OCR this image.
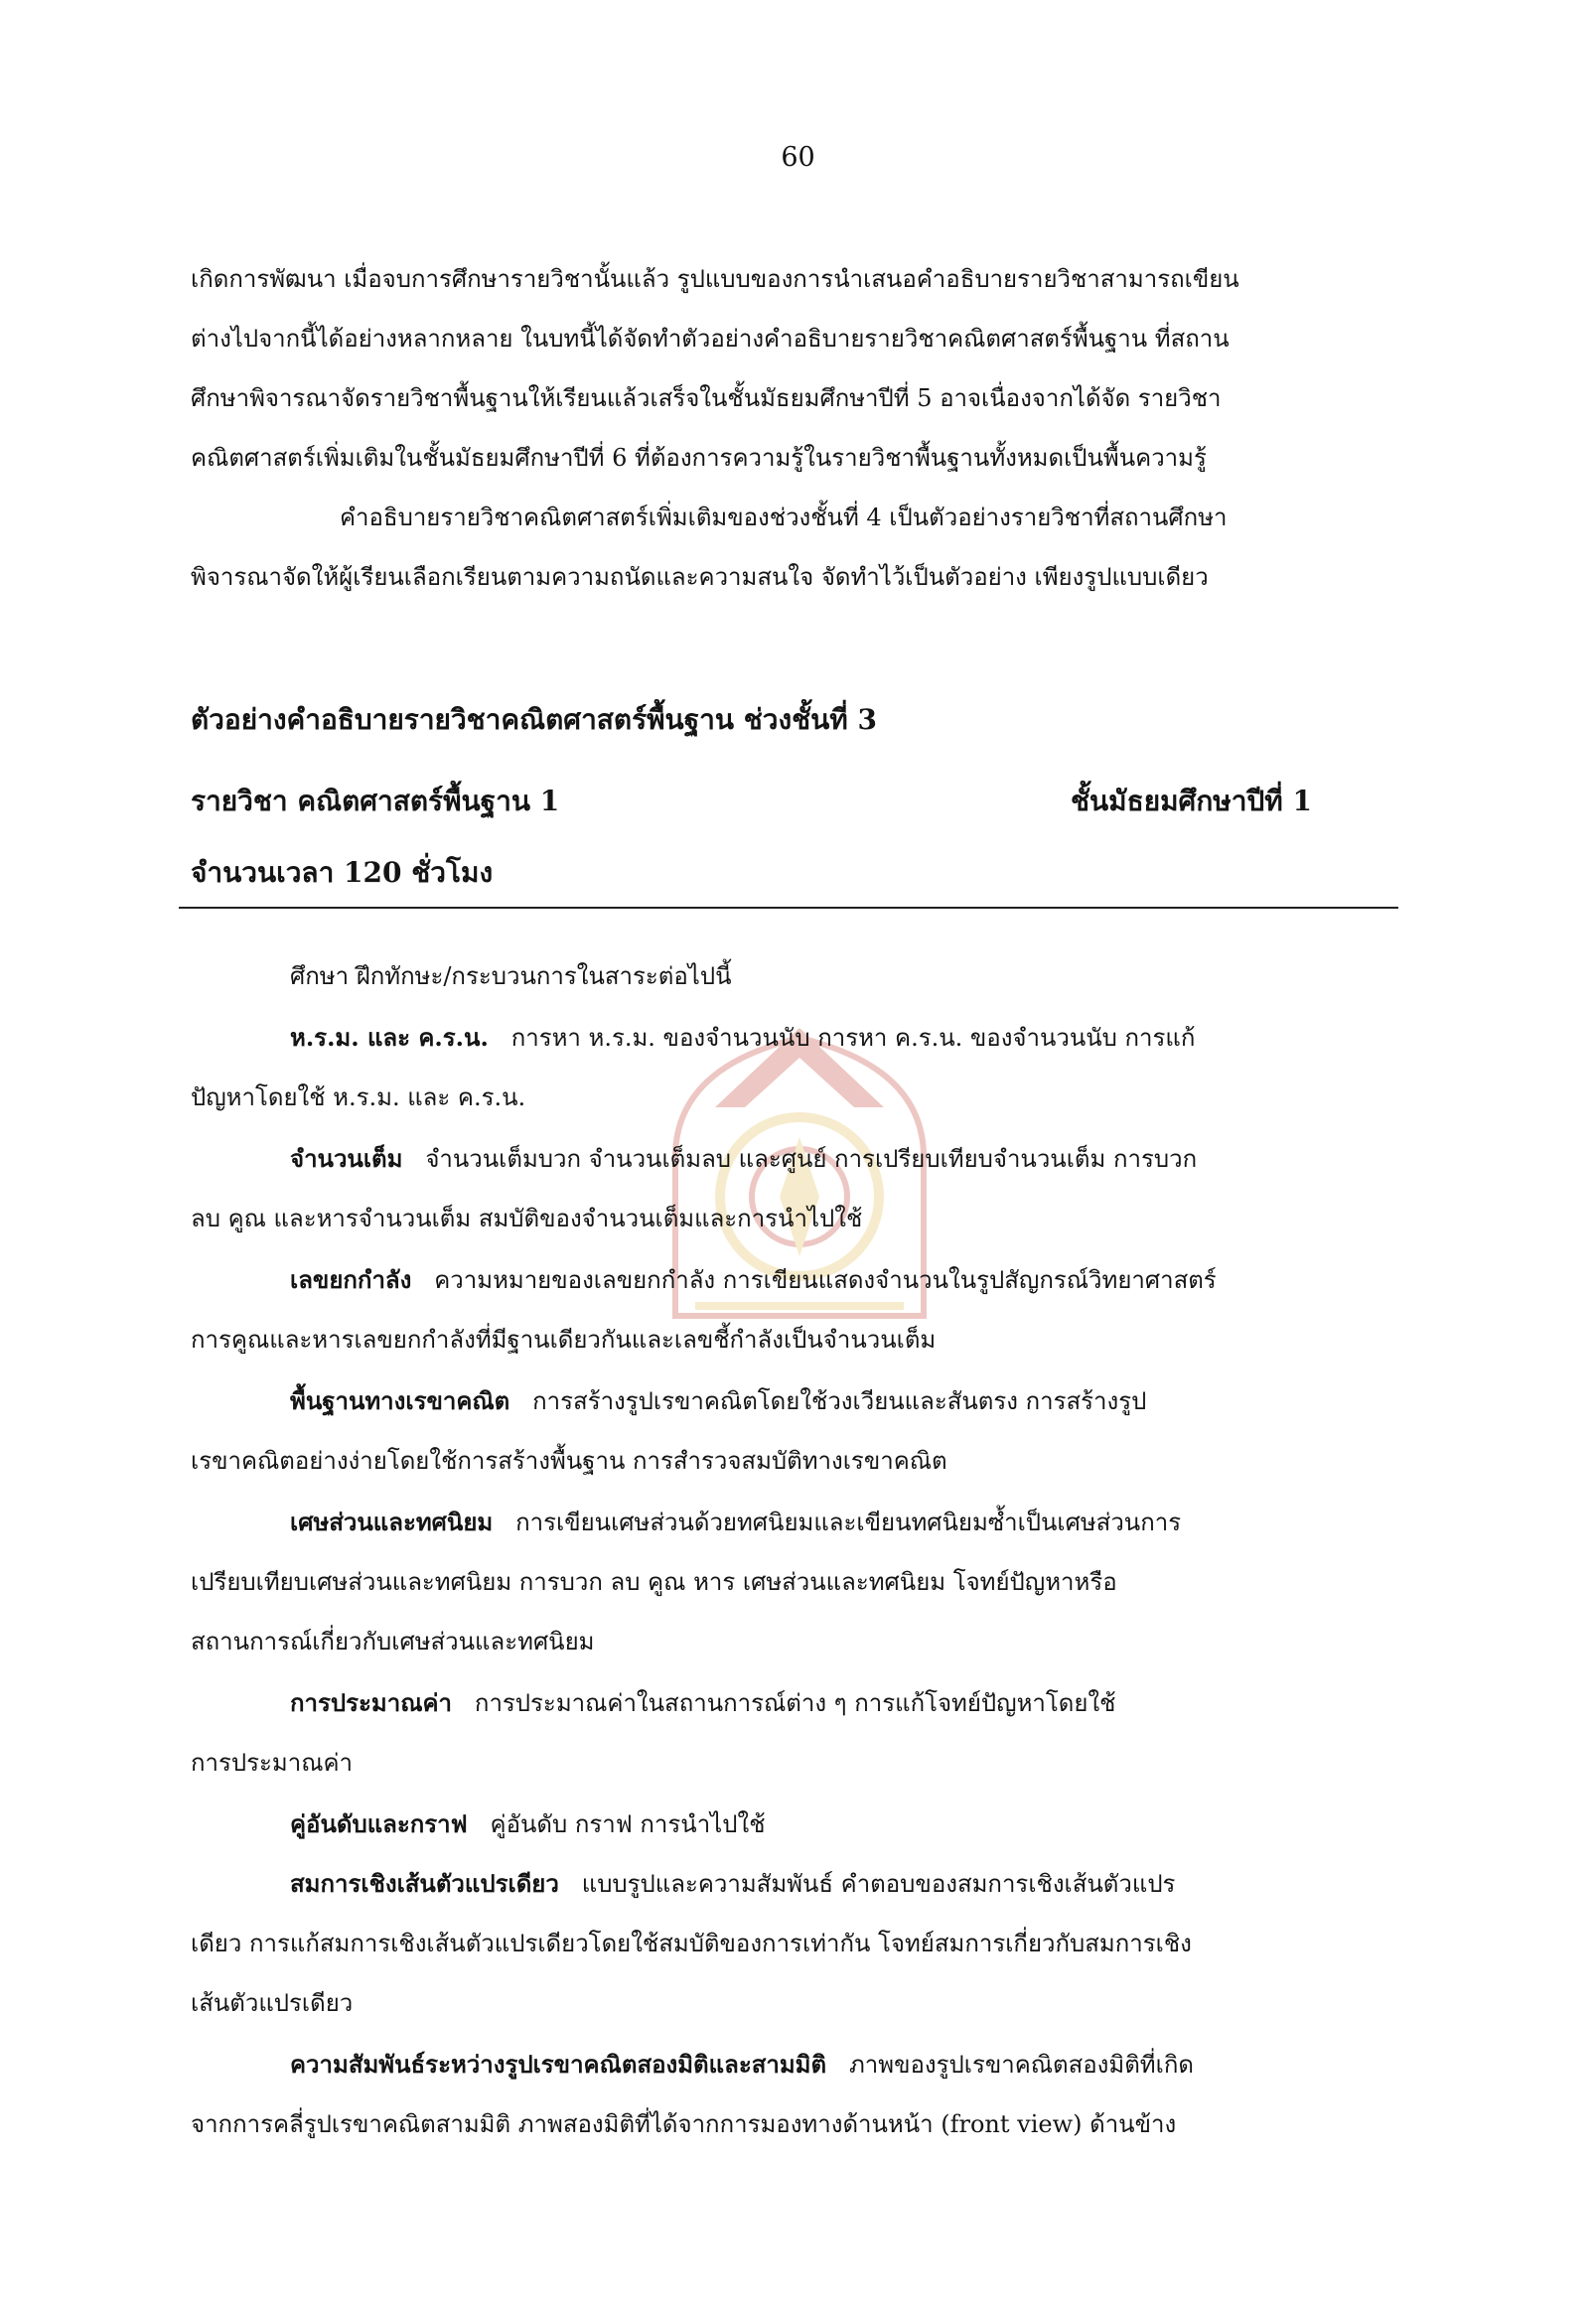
60
เกิดการพัฒนา เมื่อจบการศึกษารายวิชานั้นแล้ว รูปแบบของการนำเสนอคำอธิบายรายวิชาสามารถเขียน
ต่างไปจากนี้ได้อย่างหลากหลาย ในบทนี้ได้จัดทำตัวอย่างคำอธิบายรายวิชาคณิตศาสตร์พื้นฐาน ที่สถาน
ศึกษาพิจารณาจัดรายวิชาพื้นฐานให้เรียนแล้วเสร็จในชั้นมัธยมศึกษาปีที่ 5 อาจเนื่องจากได้จัด รายวิชา
คณิตศาสตร์เพิ่มเติมในชั้นมัธยมศึกษาปีที่ 6 ที่ต้องการความรู้ในรายวิชาพื้นฐานทั้งหมดเป็นพื้นความรู้
คำอธิบายรายวิชาคณิตศาสตร์เพิ่มเติมของช่วงชั้นที่ 4 เป็นตัวอย่างรายวิชาที่สถานศึกษา
พิจารณาจัดให้ผู้เรียนเลือกเรียนตามความถนัดและความสนใจ จัดทำไว้เป็นตัวอย่าง เพียงรูปแบบเดียว
ตัวอย่างคำอธิบายรายวิชาคณิตศาสตร์พื้นฐาน ช่วงชั้นที่ 3
รายวิชา คณิตศาสตร์พื้นฐาน 1	ชั้นมัธยมศึกษาปีที่ 1
จำนวนเวลา 120 ชั่วโมง
ศึกษา ฝึกทักษะ/กระบวนการในสาระต่อไปนี้
ห.ร.ม. และ ค.ร.น. การหา ห.ร.ม. ของจำนวนนับ การหา ค.ร.น. ของจำนวนนับ การแก้
ปัญหาโดยใช้ ห.ร.ม. และ ค.ร.น.
จำนวนเต็ม จำนวนเต็มบวก จำนวนเต็มลบ และศูนย์ การเปรียบเทียบจำนวนเต็ม การบวก
ลบ คูณ และหารจำนวนเต็ม สมบัติของจำนวนเต็มและการนำไปใช้
เลขยกกำลัง ความหมายของเลขยกกำลัง การเขียนแสดงจำนวนในรูปสัญกรณ์วิทยาศาสตร์
การคูณและหารเลขยกกำลังที่มีฐานเดียวกันและเลขชี้กำลังเป็นจำนวนเต็ม
พื้นฐานทางเรขาคณิต การสร้างรูปเรขาคณิตโดยใช้วงเวียนและสันตรง การสร้างรูป
เรขาคณิตอย่างง่ายโดยใช้การสร้างพื้นฐาน การสำรวจสมบัติทางเรขาคณิต
เศษส่วนและทศนิยม การเขียนเศษส่วนด้วยทศนิยมและเขียนทศนิยมซ้ำเป็นเศษส่วนการ
เปรียบเทียบเศษส่วนและทศนิยม การบวก ลบ คูณ หาร เศษส่วนและทศนิยม โจทย์ปัญหาหรือ
สถานการณ์เกี่ยวกับเศษส่วนและทศนิยม
การประมาณค่า การประมาณค่าในสถานการณ์ต่าง ๆ การแก้โจทย์ปัญหาโดยใช้
การประมาณค่า
คู่อันดับและกราฟ คู่อันดับ กราฟ การนำไปใช้
สมการเชิงเส้นตัวแปรเดียว แบบรูปและความสัมพันธ์ คำตอบของสมการเชิงเส้นตัวแปร
เดียว การแก้สมการเชิงเส้นตัวแปรเดียวโดยใช้สมบัติของการเท่ากัน โจทย์สมการเกี่ยวกับสมการเชิง
เส้นตัวแปรเดียว
ความสัมพันธ์ระหว่างรูปเรขาคณิตสองมิติและสามมิติ ภาพของรูปเรขาคณิตสองมิติที่เกิด
จากการคลี่รูปเรขาคณิตสามมิติ ภาพสองมิติที่ได้จากการมองทางด้านหน้า (front view) ด้านข้าง
